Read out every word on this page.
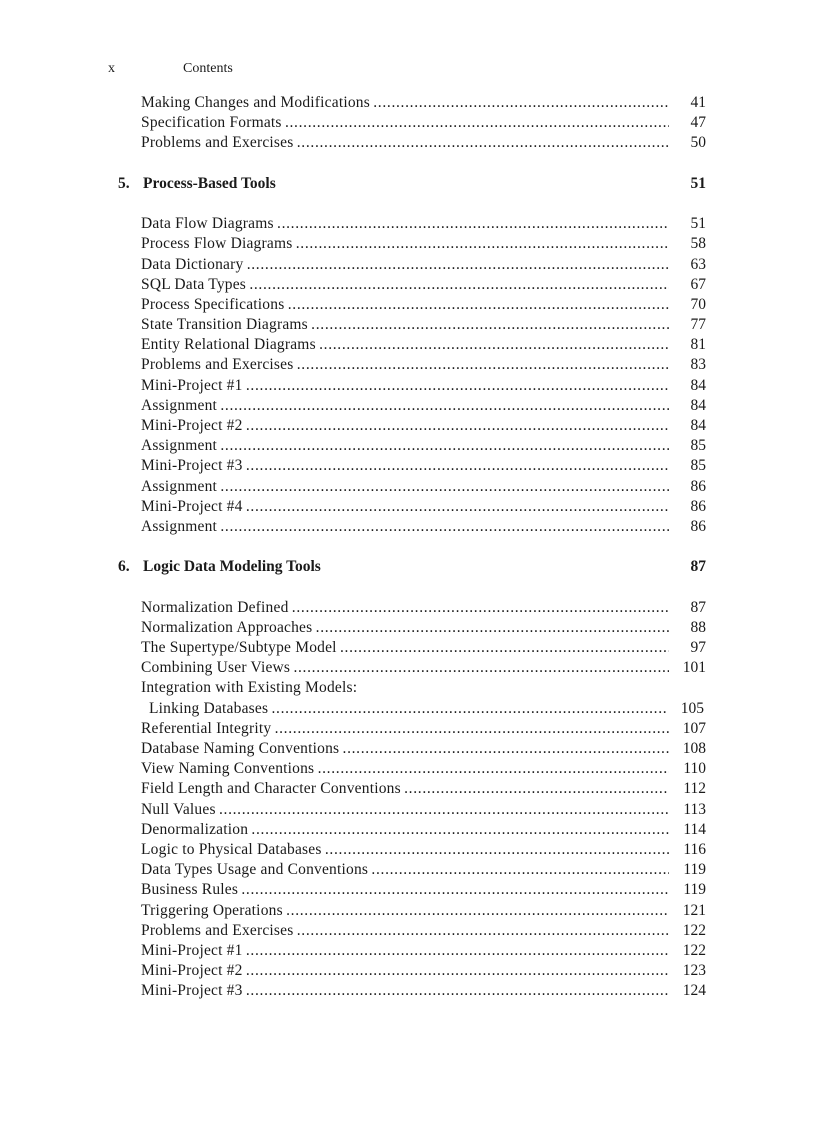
x	Contents
Making Changes and Modifications . . .	41
Specification Formats . . .	47
Problems and Exercises . . .	50
5. Process-Based Tools	51
Data Flow Diagrams . . .	51
Process Flow Diagrams . . .	58
Data Dictionary . . .	63
SQL Data Types . . .	67
Process Specifications . . .	70
State Transition Diagrams . . .	77
Entity Relational Diagrams . . .	81
Problems and Exercises . . .	83
Mini-Project #1 . . .	84
Assignment . . .	84
Mini-Project #2 . . .	84
Assignment . . .	85
Mini-Project #3 . . .	85
Assignment . . .	86
Mini-Project #4 . . .	86
Assignment . . .	86
6. Logic Data Modeling Tools	87
Normalization Defined . . .	87
Normalization Approaches . . .	88
The Supertype/Subtype Model . . .	97
Combining User Views . . .	101
Integration with Existing Models:
Linking Databases . . .	105
Referential Integrity . . .	107
Database Naming Conventions . . .	108
View Naming Conventions . . .	110
Field Length and Character Conventions . . .	112
Null Values . . .	113
Denormalization . . .	114
Logic to Physical Databases . . .	116
Data Types Usage and Conventions . . .	119
Business Rules . . .	119
Triggering Operations . . .	121
Problems and Exercises . . .	122
Mini-Project #1 . . .	122
Mini-Project #2 . . .	123
Mini-Project #3 . . .	124
